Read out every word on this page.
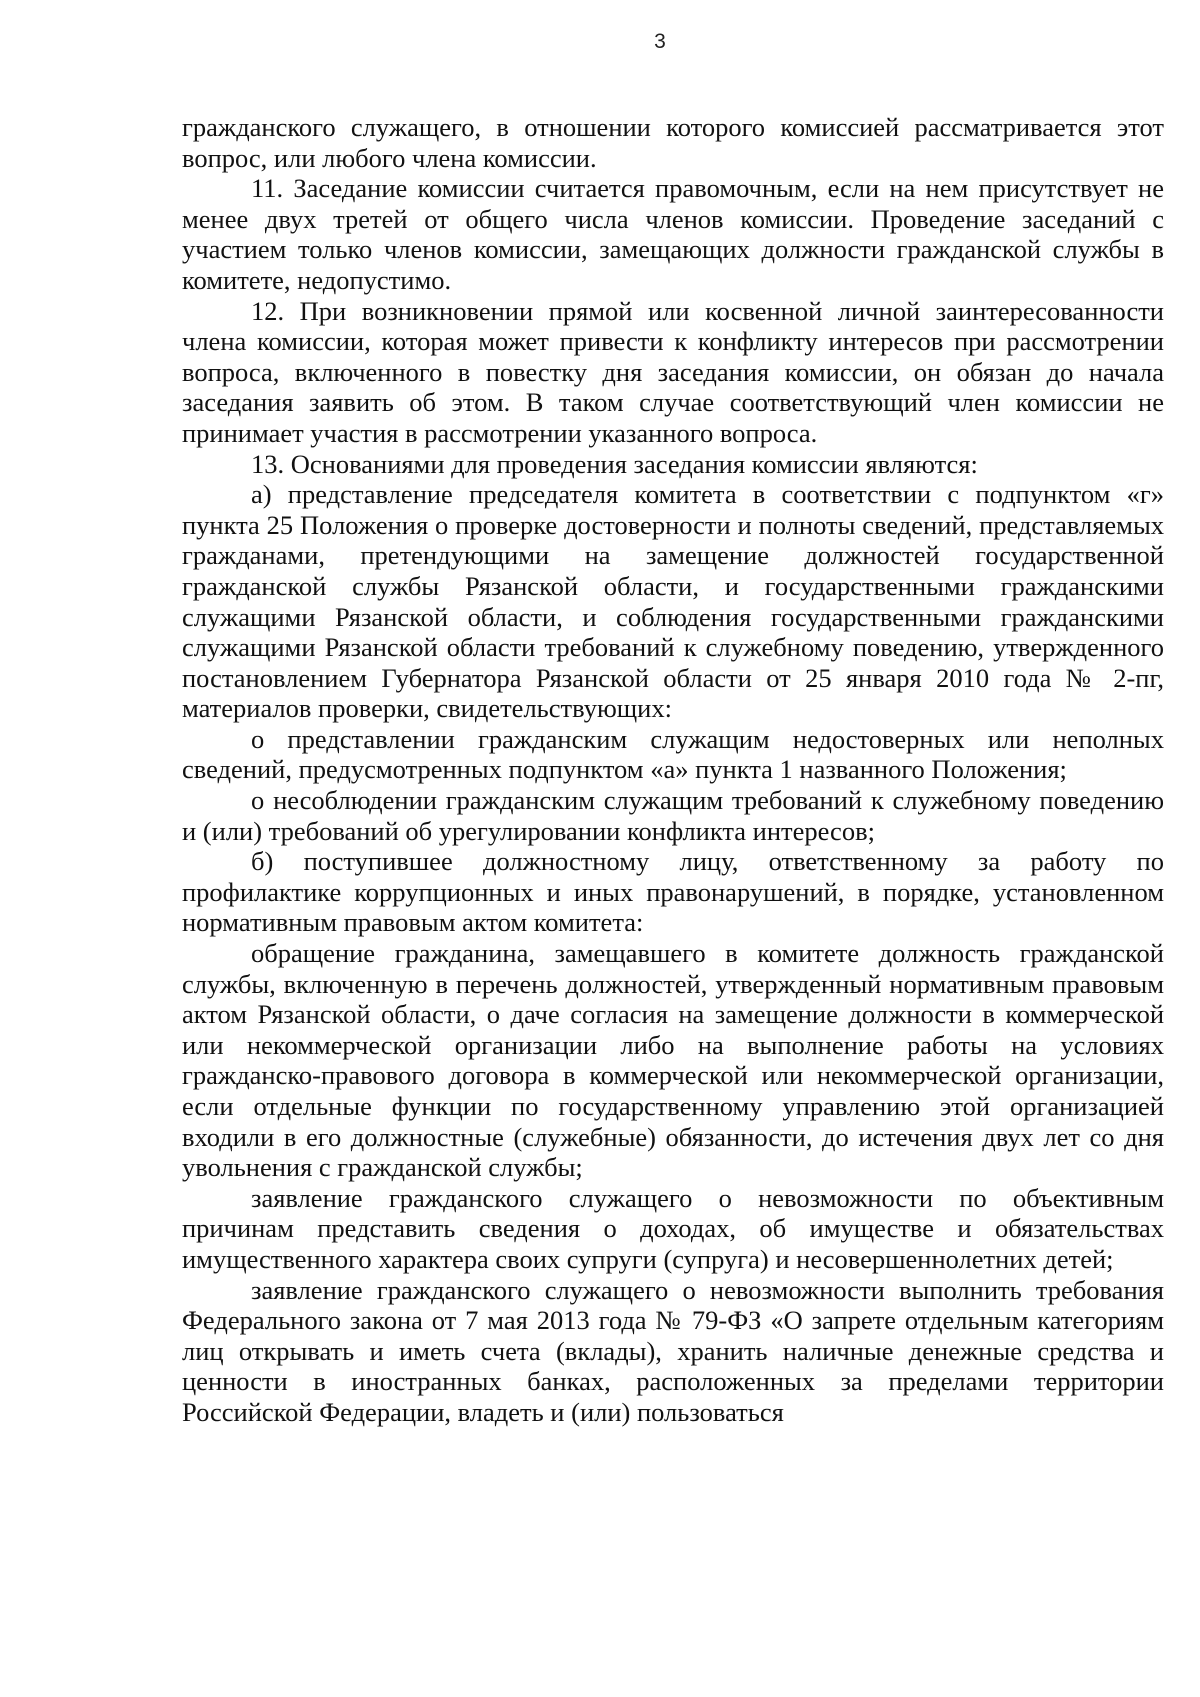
3

гражданского служащего, в отношении которого комиссией рассматривается этот вопрос, или любого члена комиссии.

11. Заседание комиссии считается правомочным, если на нем присутствует не менее двух третей от общего числа членов комиссии. Проведение заседаний с участием только членов комиссии, замещающих должности гражданской службы в комитете, недопустимо.

12. При возникновении прямой или косвенной личной заинтересованности члена комиссии, которая может привести к конфликту интересов при рассмотрении вопроса, включенного в повестку дня заседания комиссии, он обязан до начала заседания заявить об этом. В таком случае соответствующий член комиссии не принимает участия в рассмотрении указанного вопроса.

13. Основаниями для проведения заседания комиссии являются:

а) представление председателя комитета в соответствии с подпунктом «г» пункта 25 Положения о проверке достоверности и полноты сведений, представляемых гражданами, претендующими на замещение должностей государственной гражданской службы Рязанской области, и государственными гражданскими служащими Рязанской области, и соблюдения государственными гражданскими служащими Рязанской области требований к служебному поведению, утвержденного постановлением Губернатора Рязанской области от 25 января 2010 года № 2-пг, материалов проверки, свидетельствующих:

о представлении гражданским служащим недостоверных или неполных сведений, предусмотренных подпунктом «а» пункта 1 названного Положения;

о несоблюдении гражданским служащим требований к служебному поведению и (или) требований об урегулировании конфликта интересов;

б) поступившее должностному лицу, ответственному за работу по профилактике коррупционных и иных правонарушений, в порядке, установленном нормативным правовым актом комитета:

обращение гражданина, замещавшего в комитете должность гражданской службы, включенную в перечень должностей, утвержденный нормативным правовым актом Рязанской области, о даче согласия на замещение должности в коммерческой или некоммерческой организации либо на выполнение работы на условиях гражданско-правового договора в коммерческой или некоммерческой организации, если отдельные функции по государственному управлению этой организацией входили в его должностные (служебные) обязанности, до истечения двух лет со дня увольнения с гражданской службы;

заявление гражданского служащего о невозможности по объективным причинам представить сведения о доходах, об имуществе и обязательствах имущественного характера своих супруги (супруга) и несовершеннолетних детей;

заявление гражданского служащего о невозможности выполнить требования Федерального закона от 7 мая 2013 года № 79-ФЗ «О запрете отдельным категориям лиц открывать и иметь счета (вклады), хранить наличные денежные средства и ценности в иностранных банках, расположенных за пределами территории Российской Федерации, владеть и (или) пользоваться
